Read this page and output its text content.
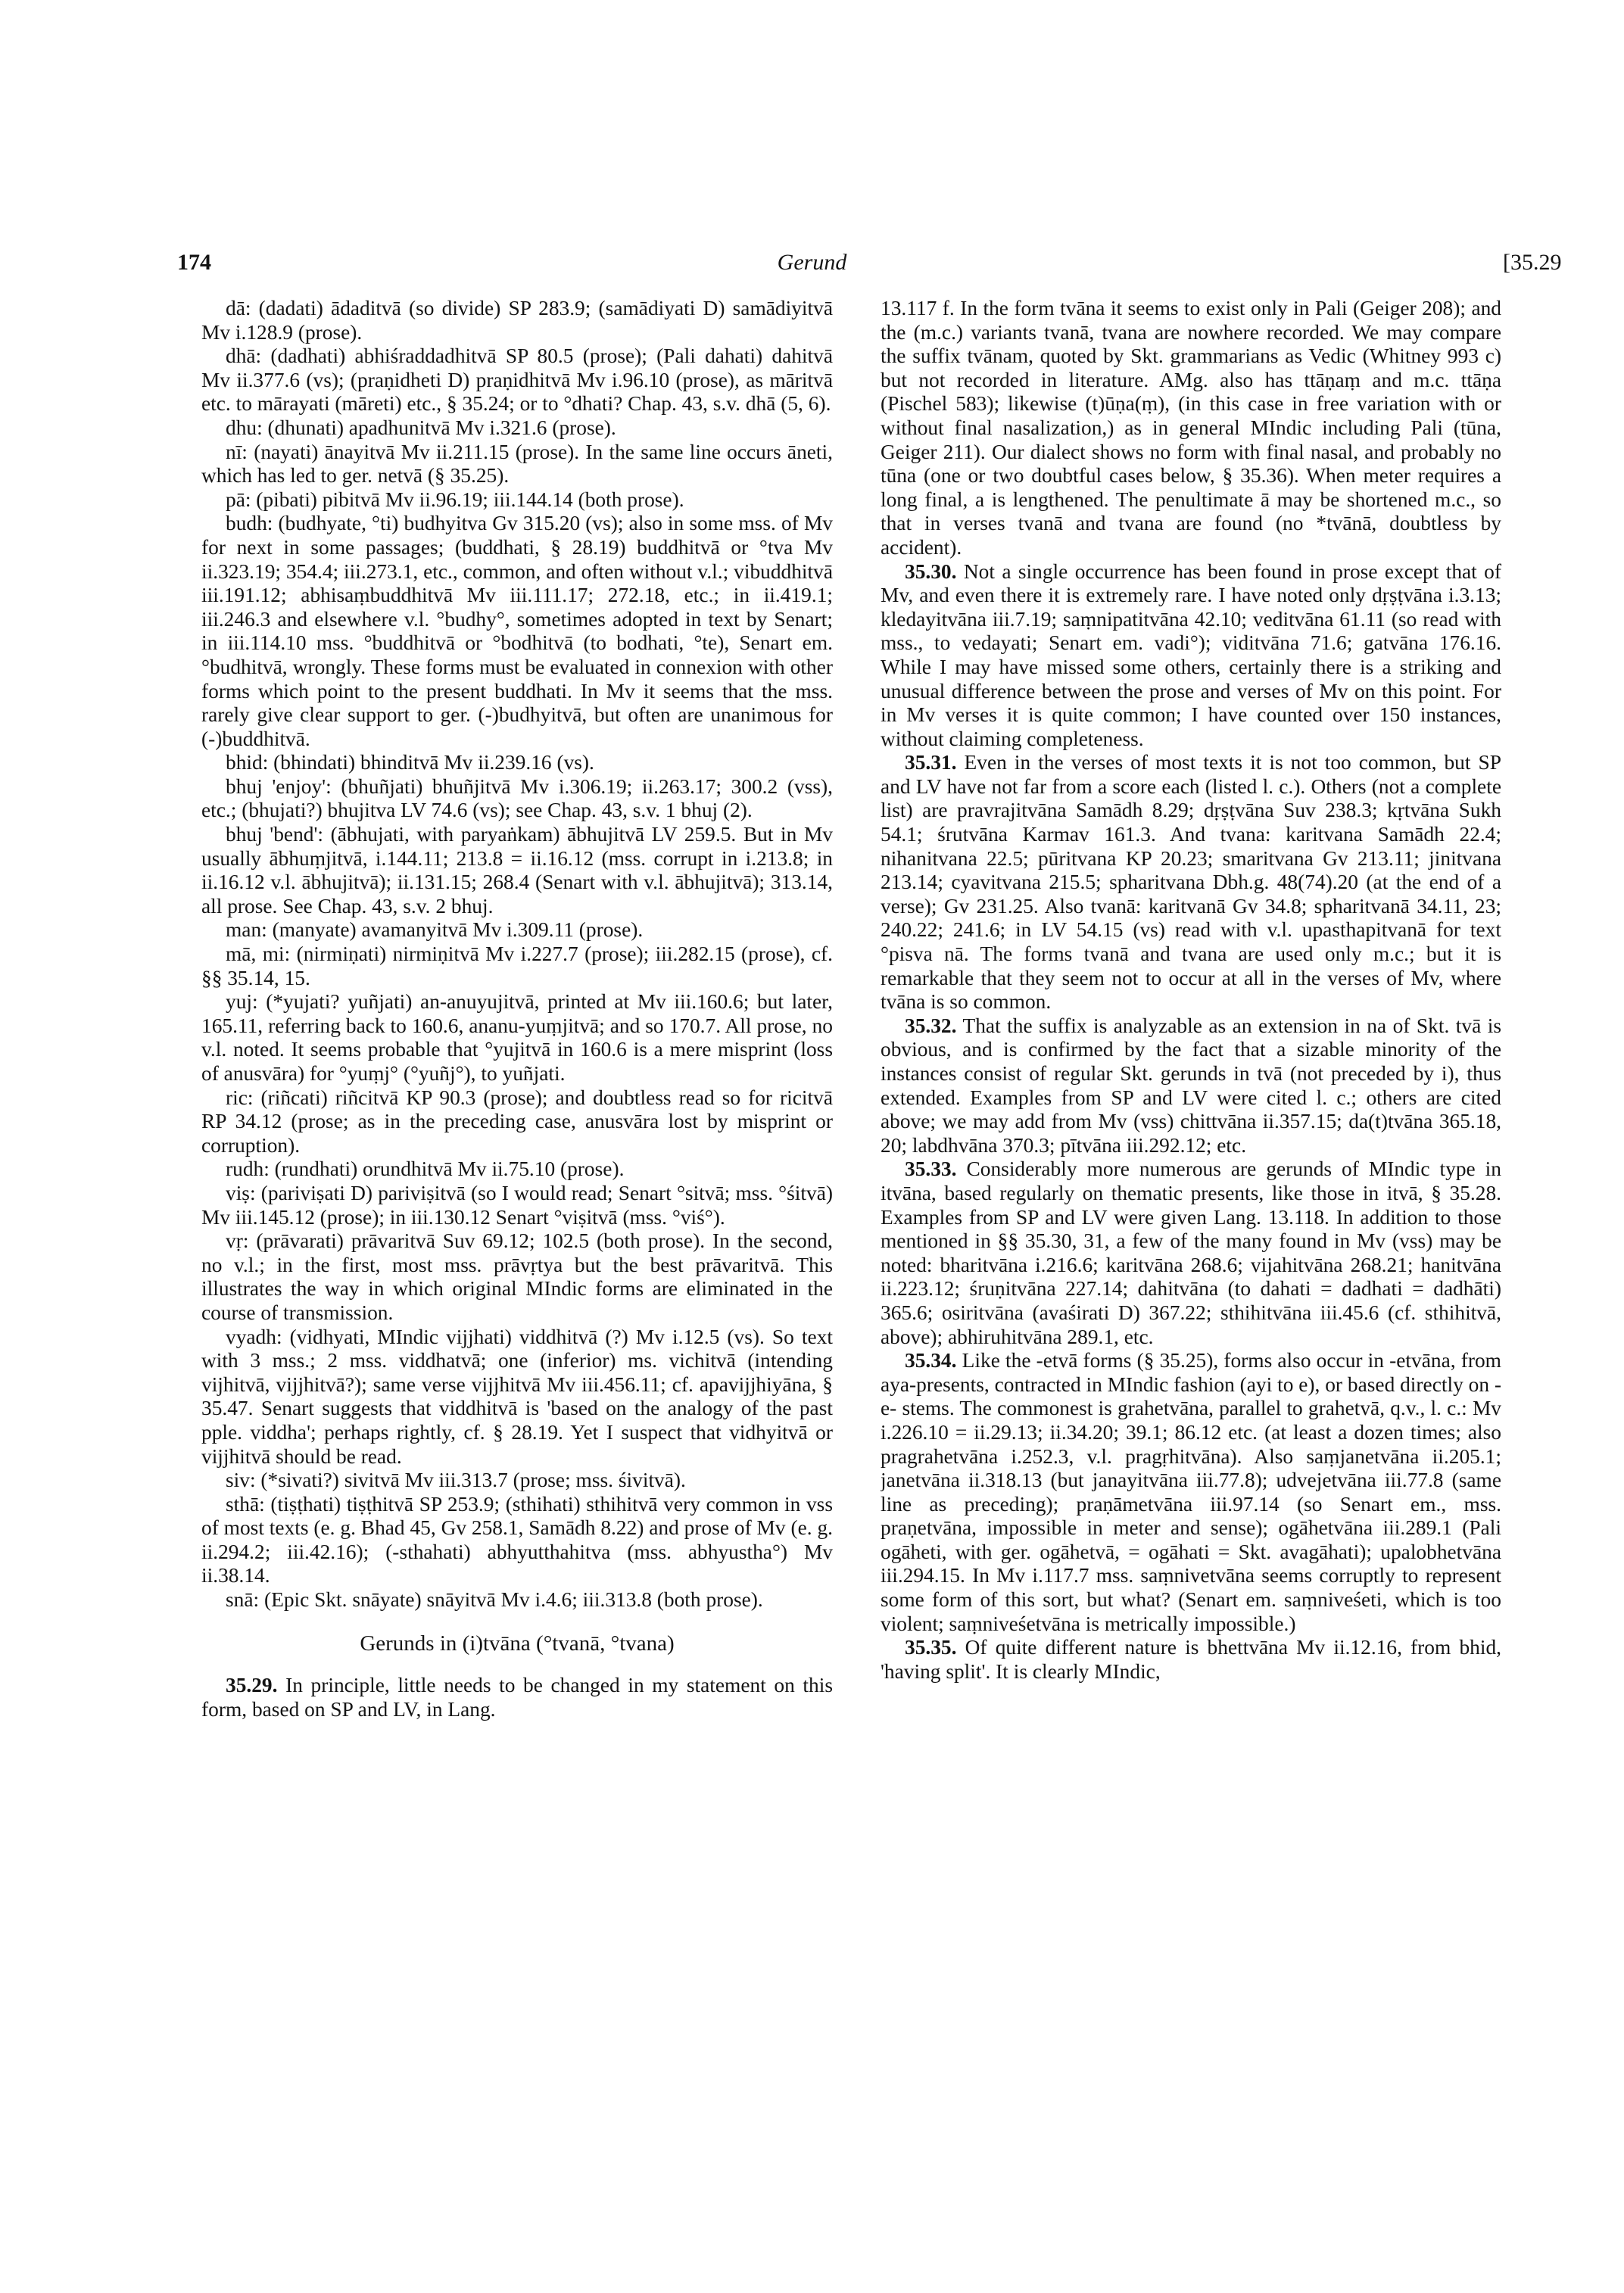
174	Gerund	[35.29

dā: (dadati) ādaditvā (so divide) SP 283.9; (samādiyati D) samādiyitvā Mv i.128.9 (prose).

dhā: (dadhati) abhiśraddadhitvā SP 80.5 (prose); (Pali dahati) dahitvā Mv ii.377.6 (vs); (praṇidheti D) praṇidhitvā Mv i.96.10 (prose), as māritvā etc. to mārayati (māreti) etc., § 35.24; or to °dhati? Chap. 43, s.v. dhā (5, 6).

dhu: (dhunati) apadhunitvā Mv i.321.6 (prose).

nī: (nayati) ānayitvā Mv ii.211.15 (prose). In the same line occurs āneti, which has led to ger. netvā (§ 35.25).

pā: (pibati) pibitvā Mv ii.96.19; iii.144.14 (both prose).

budh: (budhyate, °ti) budhyitva Gv 315.20 (vs); also in some mss. of Mv for next in some passages; (buddhati, § 28.19) buddhitvā or °tva Mv ii.323.19; 354.4; iii.273.1, etc., common, and often without v.l.; vibuddhitvā iii.191.12; abhisaṃbuddhitvā Mv iii.111.17; 272.18, etc.; in ii.419.1; iii.246.3 and elsewhere v.l. °budhy°, sometimes adopted in text by Senart; in iii.114.10 mss. °buddhitvā or °bodhitvā (to bodhati, °te), Senart em. °budhitvā, wrongly. These forms must be evaluated in connexion with other forms which point to the present buddhati. In Mv it seems that the mss. rarely give clear support to ger. (-)budhyitvā, but often are unanimous for (-)buddhitvā.

bhid: (bhindati) bhinditvā Mv ii.239.16 (vs).

bhuj 'enjoy': (bhuñjati) bhuñjitvā Mv i.306.19; ii.263.17; 300.2 (vss), etc.; (bhujati?) bhujitva LV 74.6 (vs); see Chap. 43, s.v. 1 bhuj (2).

bhuj 'bend': (ābhujati, with paryaṅkam) ābhujitvā LV 259.5. But in Mv usually ābhuṃjitvā, i.144.11; 213.8 = ii.16.12 (mss. corrupt in i.213.8; in ii.16.12 v.l. ābhujitvā); ii.131.15; 268.4 (Senart with v.l. ābhujitvā); 313.14, all prose. See Chap. 43, s.v. 2 bhuj.

man: (manyate) avamanyitvā Mv i.309.11 (prose).

mā, mi: (nirmiṇati) nirmiṇitvā Mv i.227.7 (prose); iii.282.15 (prose), cf. §§ 35.14, 15.

yuj: (*yujati? yuñjati) an-anuyujitvā, printed at Mv iii.160.6; but later, 165.11, referring back to 160.6, ananu-yuṃjitvā; and so 170.7. All prose, no v.l. noted. It seems probable that °yujitvā in 160.6 is a mere misprint (loss of anusvāra) for °yuṃj° (°yuñj°), to yuñjati.

ric: (riñcati) riñcitvā KP 90.3 (prose); and doubtless read so for ricitvā RP 34.12 (prose; as in the preceding case, anusvāra lost by misprint or corruption).

rudh: (rundhati) orundhitvā Mv ii.75.10 (prose).

viṣ: (pariviṣati D) pariviṣitvā (so I would read; Senart °sitvā; mss. °śitvā) Mv iii.145.12 (prose); in iii.130.12 Senart °viṣitvā (mss. °viś°).

vṛ: (prāvarati) prāvaritvā Suv 69.12; 102.5 (both prose). In the second, no v.l.; in the first, most mss. prāvṛtya but the best prāvaritvā. This illustrates the way in which original MIndic forms are eliminated in the course of transmission.

vyadh: (vidhyati, MIndic vijjhati) viddhitvā (?) Mv i.12.5 (vs). So text with 3 mss.; 2 mss. viddhatvā; one (inferior) ms. vichitvā (intending vijhitvā, vijjhitvā?); same verse vijjhitvā Mv iii.456.11; cf. apavijjhiyāna, § 35.47. Senart suggests that viddhitvā is 'based on the analogy of the past pple. viddha'; perhaps rightly, cf. § 28.19. Yet I suspect that vidhyitvā or vijjhitvā should be read.

siv: (*sivati?) sivitvā Mv iii.313.7 (prose; mss. śivitvā).

sthā: (tiṣṭhati) tiṣṭhitvā SP 253.9; (sthihati) sthihitvā very common in vss of most texts (e. g. Bhad 45, Gv 258.1, Samādh 8.22) and prose of Mv (e. g. ii.294.2; iii.42.16); (-sthahati) abhyutthahitva (mss. abhyustha°) Mv ii.38.14.

snā: (Epic Skt. snāyate) snāyitvā Mv i.4.6; iii.313.8 (both prose).

Gerunds in (i)tvāna (°tvanā, °tvana)

35.29. In principle, little needs to be changed in my statement on this form, based on SP and LV, in Lang.

13.117 f. In the form tvāna it seems to exist only in Pali (Geiger 208); and the (m.c.) variants tvanā, tvana are nowhere recorded. We may compare the suffix tvānam, quoted by Skt. grammarians as Vedic (Whitney 993 c) but not recorded in literature. AMg. also has ttāṇaṃ and m.c. ttāṇa (Pischel 583); likewise (t)ūṇa(ṃ), (in this case in free variation with or without final nasalization,) as in general MIndic including Pali (tūna, Geiger 211). Our dialect shows no form with final nasal, and probably no tūna (one or two doubtful cases below, § 35.36). When meter requires a long final, a is lengthened. The penultimate ā may be shortened m.c., so that in verses tvanā and tvana are found (no *tvānā, doubtless by accident).

35.30. Not a single occurrence has been found in prose except that of Mv, and even there it is extremely rare. I have noted only dṛṣṭvāna i.3.13; kledayitvāna iii.7.19; saṃnipatitvāna 42.10; veditvāna 61.11 (so read with mss., to vedayati; Senart em. vadi°); viditvāna 71.6; gatvāna 176.16. While I may have missed some others, certainly there is a striking and unusual difference between the prose and verses of Mv on this point. For in Mv verses it is quite common; I have counted over 150 instances, without claiming completeness.

35.31. Even in the verses of most texts it is not too common, but SP and LV have not far from a score each (listed l. c.). Others (not a complete list) are pravrajitvāna Samādh 8.29; dṛṣṭvāna Suv 238.3; kṛtvāna Sukh 54.1; śrutvāna Karmav 161.3. And tvana: karitvana Samādh 22.4; nihanitvana 22.5; pūritvana KP 20.23; smaritvana Gv 213.11; jinitvana 213.14; cyavitvana 215.5; spharitvana Dbh.g. 48(74).20 (at the end of a verse); Gv 231.25. Also tvanā: karitvanā Gv 34.8; spharitvanā 34.11, 23; 240.22; 241.6; in LV 54.15 (vs) read with v.l. upasthapitvanā for text °pisva nā. The forms tvanā and tvana are used only m.c.; but it is remarkable that they seem not to occur at all in the verses of Mv, where tvāna is so common.

35.32. That the suffix is analyzable as an extension in na of Skt. tvā is obvious, and is confirmed by the fact that a sizable minority of the instances consist of regular Skt. gerunds in tvā (not preceded by i), thus extended. Examples from SP and LV were cited l. c.; others are cited above; we may add from Mv (vss) chittvāna ii.357.15; da(t)tvāna 365.18, 20; labdhvāna 370.3; pītvāna iii.292.12; etc.

35.33. Considerably more numerous are gerunds of MIndic type in itvāna, based regularly on thematic presents, like those in itvā, § 35.28. Examples from SP and LV were given Lang. 13.118. In addition to those mentioned in §§ 35.30, 31, a few of the many found in Mv (vss) may be noted: bharitvāna i.216.6; karitvāna 268.6; vijahitvāna 268.21; hanitvāna ii.223.12; śruṇitvāna 227.14; dahitvāna (to dahati = dadhati = dadhāti) 365.6; osiritvāna (avaśirati D) 367.22; sthihitvāna iii.45.6 (cf. sthihitvā, above); abhiruhitvāna 289.1, etc.

35.34. Like the -etvā forms (§ 35.25), forms also occur in -etvāna, from aya-presents, contracted in MIndic fashion (ayi to e), or based directly on -e- stems. The commonest is grahetvāna, parallel to grahetvā, q.v., l. c.: Mv i.226.10 = ii.29.13; ii.34.20; 39.1; 86.12 etc. (at least a dozen times; also pragrahetvāna i.252.3, v.l. pragṛhitvāna). Also saṃjanetvāna ii.205.1; janetvāna ii.318.13 (but janayitvāna iii.77.8); udvejetvāna iii.77.8 (same line as preceding); praṇāmetvāna iii.97.14 (so Senart em., mss. praṇetvāna, impossible in meter and sense); ogāhetvāna iii.289.1 (Pali ogāheti, with ger. ogāhetvā, = ogāhati = Skt. avagāhati); upalobhetvāna iii.294.15. In Mv i.117.7 mss. saṃnivetvāna seems corruptly to represent some form of this sort, but what? (Senart em. saṃniveśeti, which is too violent; saṃniveśetvāna is metrically impossible.)

35.35. Of quite different nature is bhettvāna Mv ii.12.16, from bhid, 'having split'. It is clearly MIndic,
